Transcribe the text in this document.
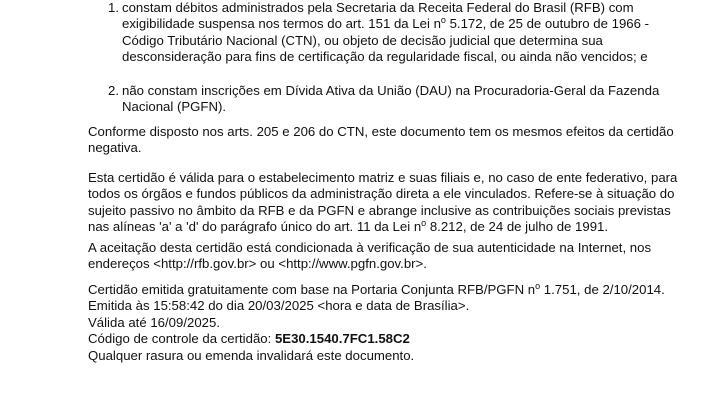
1. constam débitos administrados pela Secretaria da Receita Federal do Brasil (RFB) com
exigibilidade suspensa nos termos do art. 151 da Lei $n^o$ 5.172, de 25 de outubro de 1966 -
Código Tributário Nacional (CTN), ou objeto de decisão judicial que determina sua
desconsideração para fins de certificação da regularidade fiscal, ou ainda não vencidos; e
2. não constam inscrições em Dívida Ativa da União (DAU) na Procuradoria-Geral da Fazenda
Nacional (PGFN).
Conforme disposto nos arts. 205 e 206 do CTN, este documento tem os mesmos efeitos da certidão
negativa.
Esta certidão é válida para o estabelecimento matriz e suas filiais e, no caso de ente federativo, para
todos os órgãos e fundos públicos da administração direta a ele vinculados. Refere-se à situação do
sujeito passivo no âmbito da RFB e da PGFN e abrange inclusive as contribuições sociais previstas
nas alíneas 'a' a 'd' do parágrafo único do art. 11 da Lei $n^o$ 8.212, de 24 de julho de 1991.
A aceitação desta certidão está condicionada à verificação de sua autenticidade na Internet, nos
endereços <http://rfb.gov.br> ou <http://www.pgfn.gov.br>.
Certidão emitida gratuitamente com base na Portaria Conjunta RFB/PGFN $n^o$ 1.751, de 2/10/2014.
Emitida às 15:58:42 do dia 20/03/2025 <hora e data de Brasília>.
Válida até 16/09/2025.
Código de controle da certidão: 5E30.1540.7FC1.58C2
Qualquer rasura ou emenda invalidará este documento.
